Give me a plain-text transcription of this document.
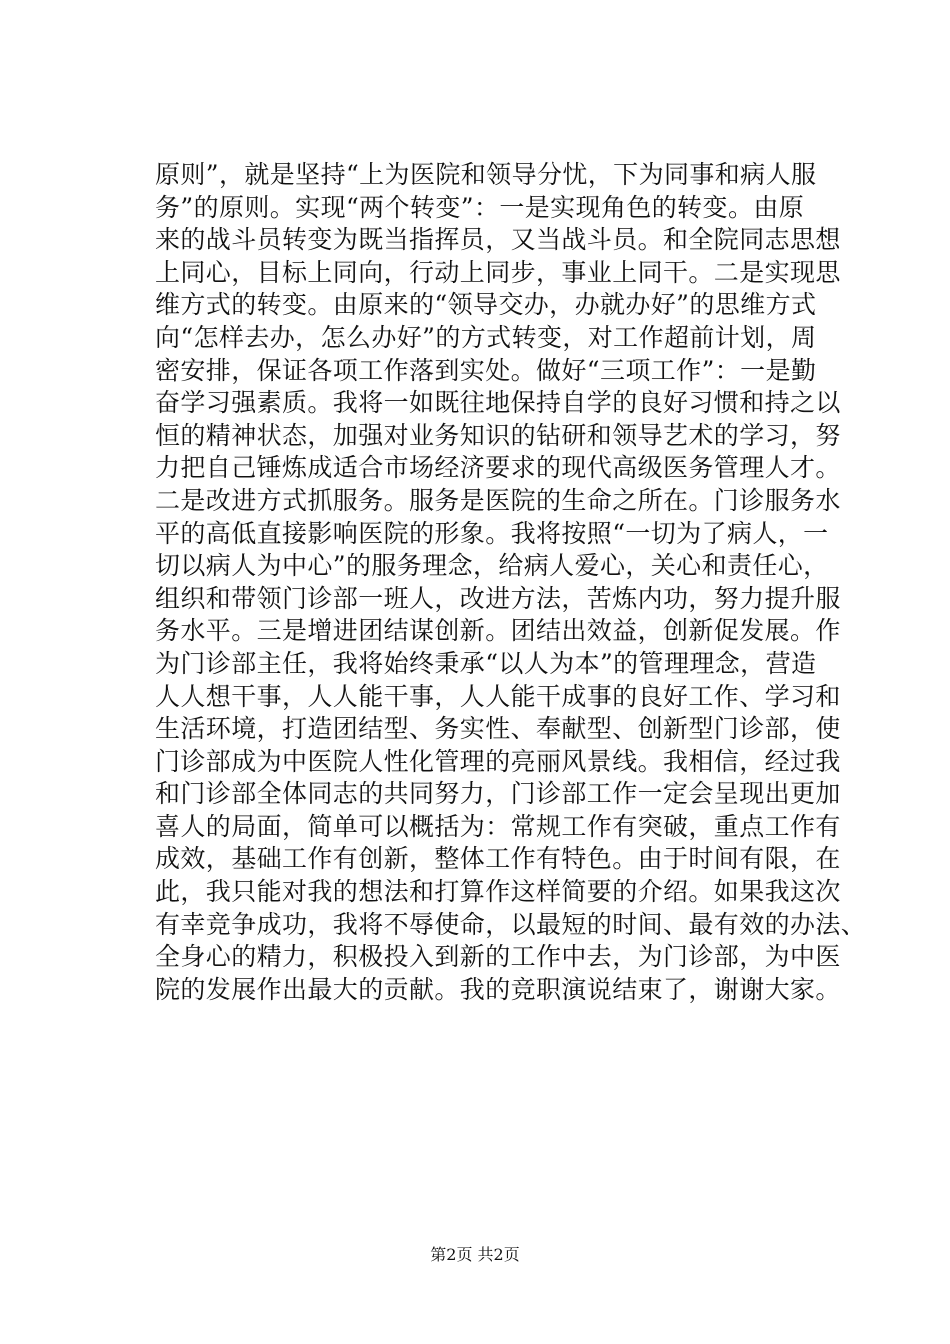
原则”，就是坚持“上为医院和领导分忧，下为同事和病人服
务”的原则。实现“两个转变”：一是实现角色的转变。由原
来的战斗员转变为既当指挥员，又当战斗员。和全院同志思想
上同心，目标上同向，行动上同步，事业上同干。二是实现思
维方式的转变。由原来的“领导交办，办就办好”的思维方式
向“怎样去办，怎么办好”的方式转变，对工作超前计划，周
密安排，保证各项工作落到实处。做好“三项工作”：一是勤
奋学习强素质。我将一如既往地保持自学的良好习惯和持之以
恒的精神状态，加强对业务知识的钻研和领导艺术的学习，努
力把自己锤炼成适合市场经济要求的现代高级医务管理人才。
二是改进方式抓服务。服务是医院的生命之所在。门诊服务水
平的高低直接影响医院的形象。我将按照“一切为了病人，一
切以病人为中心”的服务理念，给病人爱心，关心和责任心，
组织和带领门诊部一班人，改进方法，苦炼内功，努力提升服
务水平。三是增进团结谋创新。团结出效益，创新促发展。作
为门诊部主任，我将始终秉承“以人为本”的管理理念，营造
人人想干事，人人能干事，人人能干成事的良好工作、学习和
生活环境，打造团结型、务实性、奉献型、创新型门诊部，使
门诊部成为中医院人性化管理的亮丽风景线。我相信，经过我
和门诊部全体同志的共同努力，门诊部工作一定会呈现出更加
喜人的局面，简单可以概括为：常规工作有突破，重点工作有
成效，基础工作有创新，整体工作有特色。由于时间有限，在
此，我只能对我的想法和打算作这样简要的介绍。如果我这次
有幸竞争成功，我将不辱使命，以最短的时间、最有效的办法、
全身心的精力，积极投入到新的工作中去，为门诊部，为中医
院的发展作出最大的贡献。我的竞职演说结束了，谢谢大家。
第2页 共2页
